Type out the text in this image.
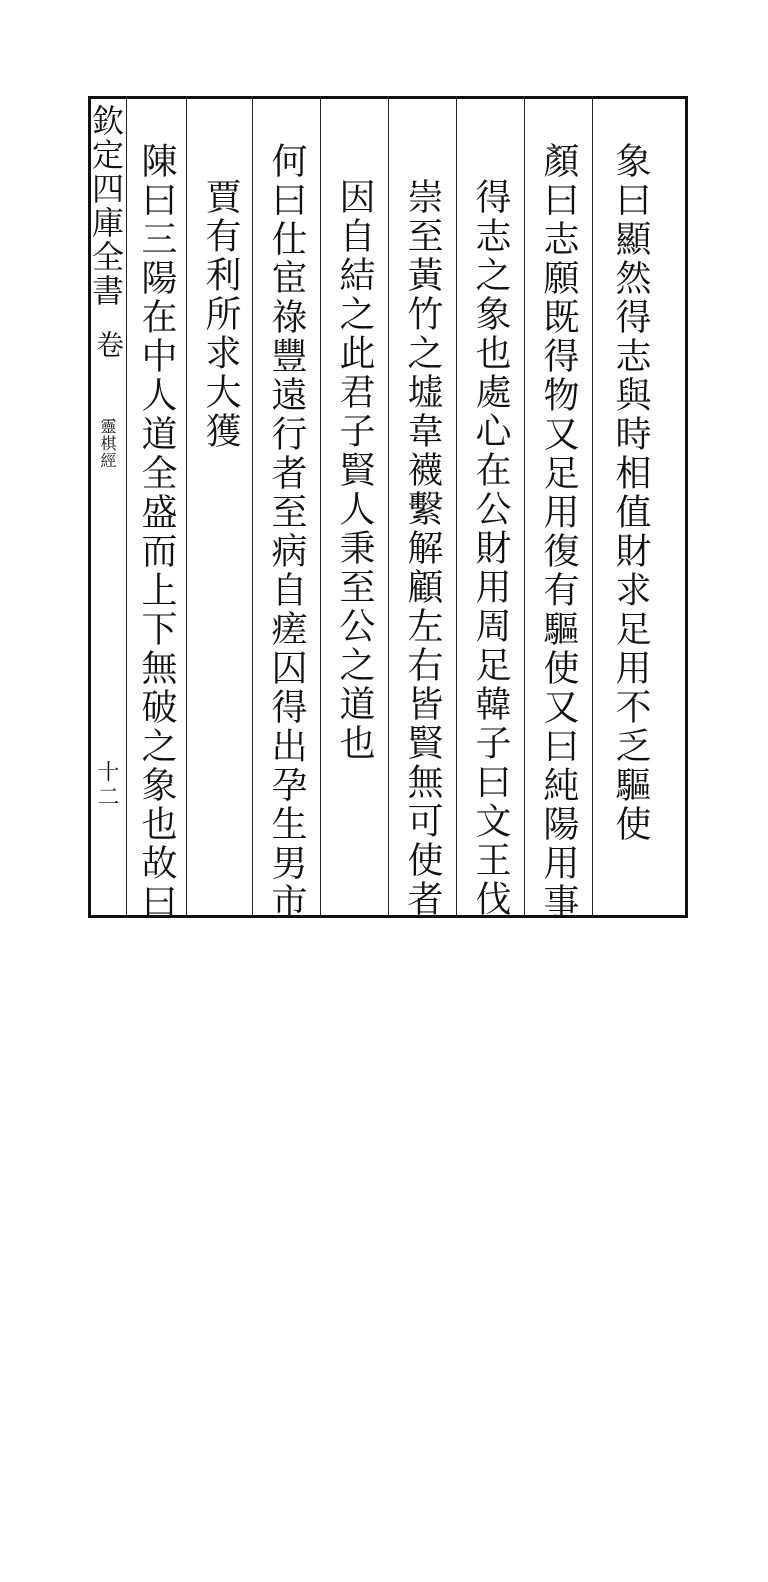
欽定四庫全書
卷
靈棋經
十二	象曰顯然得志與時相值財求足用不乏驅使
顏曰志願既得物又足用復有驅使又曰純陽用事
得志之象也處心在公財用周足韓子曰文王伐
崇至黃竹之墟韋襪繫解顧左右皆賢無可使者
因自結之此君子賢人秉至公之道也
何曰仕宦祿豐遠行者至病自瘥囚得出孕生男市
賈有利所求大獲
陳曰三陽在中人道全盛而上下無破之象也故曰
